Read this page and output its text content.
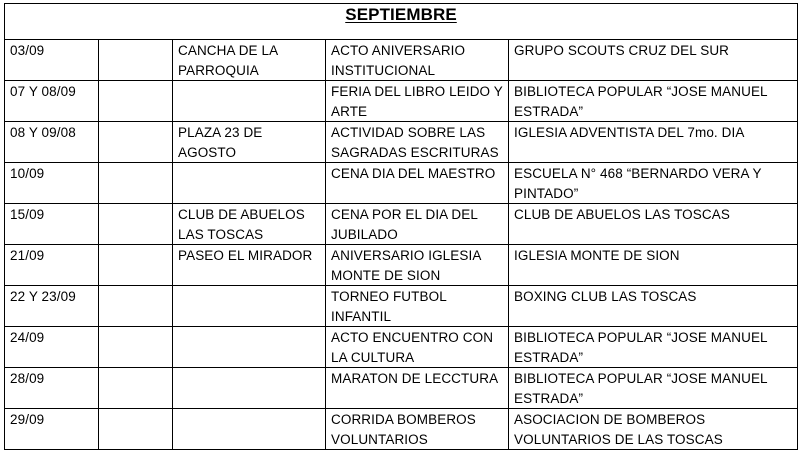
SEPTIEMBRE				
03/09		CANCHA DE LA PARROQUIA	ACTO ANIVERSARIO INSTITUCIONAL	GRUPO SCOUTS CRUZ DEL SUR
07 Y 08/09			FERIA DEL LIBRO LEIDO Y ARTE	BIBLIOTECA POPULAR “JOSE MANUEL ESTRADA”
08 Y 09/08		PLAZA 23 DE AGOSTO	ACTIVIDAD SOBRE LAS SAGRADAS ESCRITURAS	IGLESIA ADVENTISTA DEL 7mo. DIA
10/09			CENA DIA DEL MAESTRO	ESCUELA N° 468 “BERNARDO VERA Y PINTADO”
15/09		CLUB DE ABUELOS LAS TOSCAS	CENA POR EL DIA DEL JUBILADO	CLUB DE ABUELOS LAS TOSCAS
21/09		PASEO EL MIRADOR	ANIVERSARIO IGLESIA MONTE DE SION	IGLESIA MONTE DE SION
22 Y 23/09			TORNEO FUTBOL INFANTIL	BOXING CLUB LAS TOSCAS
24/09			ACTO ENCUENTRO CON LA CULTURA	BIBLIOTECA POPULAR “JOSE MANUEL ESTRADA”
28/09			MARATON DE LECCTURA	BIBLIOTECA POPULAR “JOSE MANUEL ESTRADA”
29/09			CORRIDA BOMBEROS VOLUNTARIOS	ASOCIACION DE BOMBEROS VOLUNTARIOS DE LAS TOSCAS
